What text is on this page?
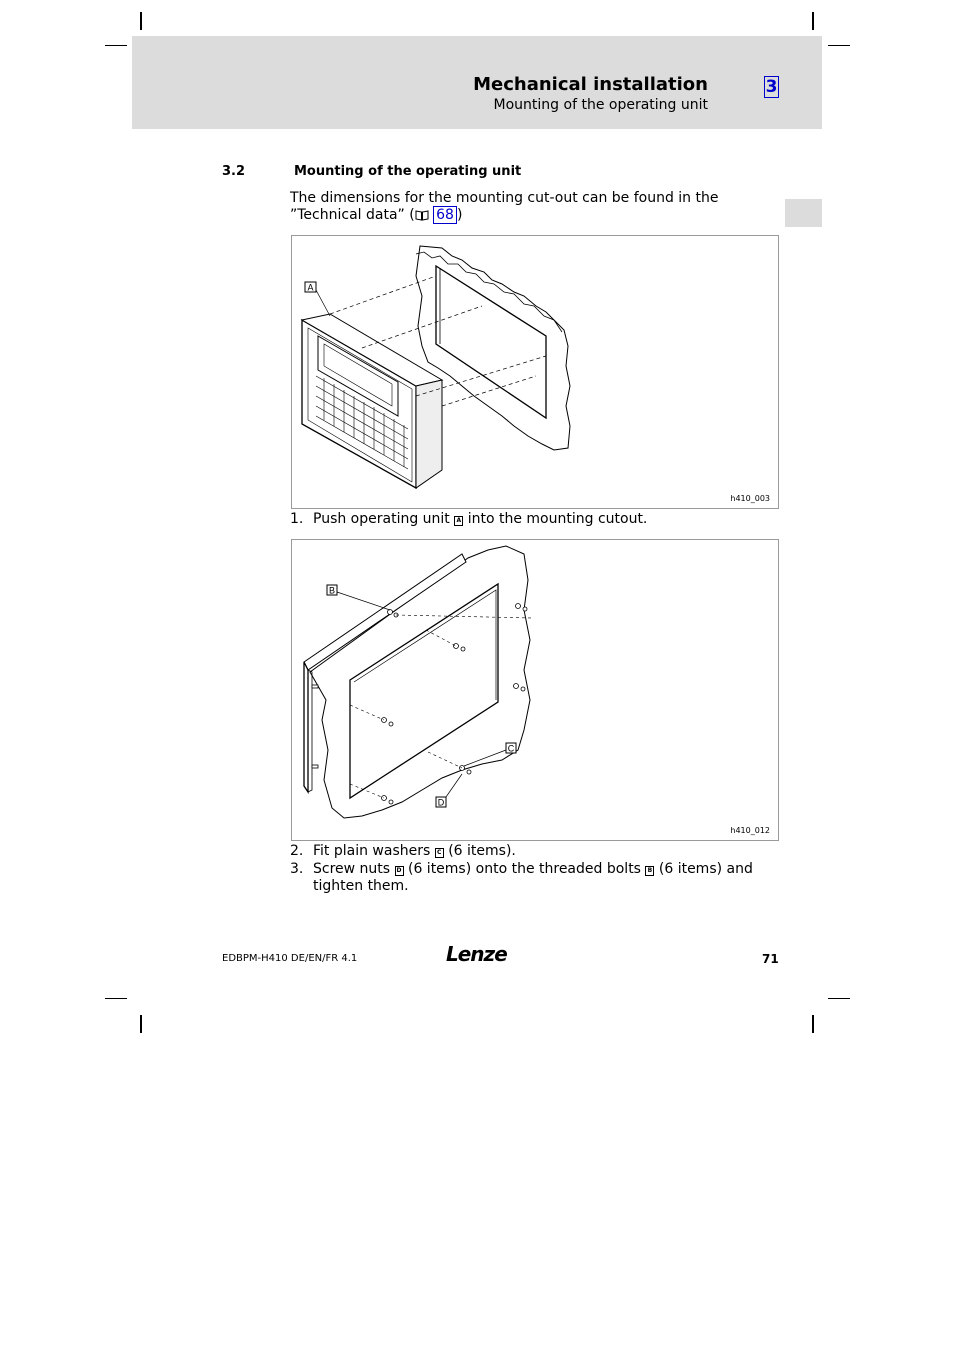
Mechanical installation
Mounting of the operating unit
3
3.2	Mounting of the operating unit
The dimensions for the mounting cut-out can be found in the ”Technical data” ( 68 )
A
h410_003
1. Push operating unit A into the mounting cutout.
B
C
D
h410_012
2. Fit plain washers C (6 items).
3. Screw nuts D (6 items) onto the threaded bolts B (6 items) and tighten them.
EDBPM-H410 DE/EN/FR 4.1	Lenze	71
